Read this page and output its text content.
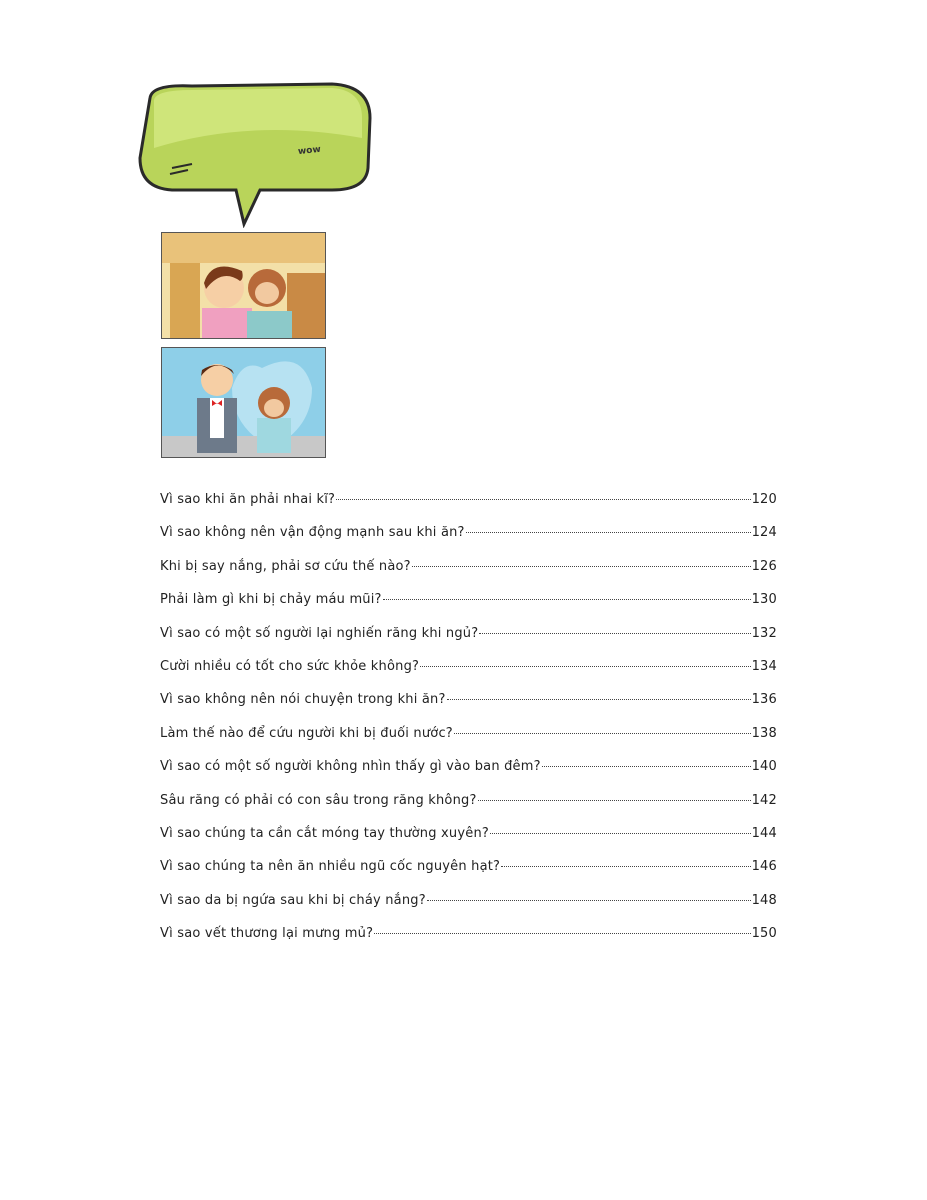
wow
Vì sao khi ăn phải nhai kĩ?	120
Vì sao không nên vận động mạnh sau khi ăn?	124
Khi bị say nắng, phải sơ cứu thế nào?	126
Phải làm gì khi bị chảy máu mũi?	130
Vì sao có một số người lại nghiến răng khi ngủ?	132
Cười nhiều có tốt cho sức khỏe không?	134
Vì sao không nên nói chuyện trong khi ăn?	136
Làm thế nào để cứu người khi bị đuối nước?	138
Vì sao có một số người không nhìn thấy gì vào ban đêm?	140
Sâu răng có phải có con sâu trong răng không?	142
Vì sao chúng ta cần cắt móng tay thường xuyên?	144
Vì sao chúng ta nên ăn nhiều ngũ cốc nguyên hạt?	146
Vì sao da bị ngứa sau khi bị cháy nắng?	148
Vì sao vết thương lại mưng mủ?	150
